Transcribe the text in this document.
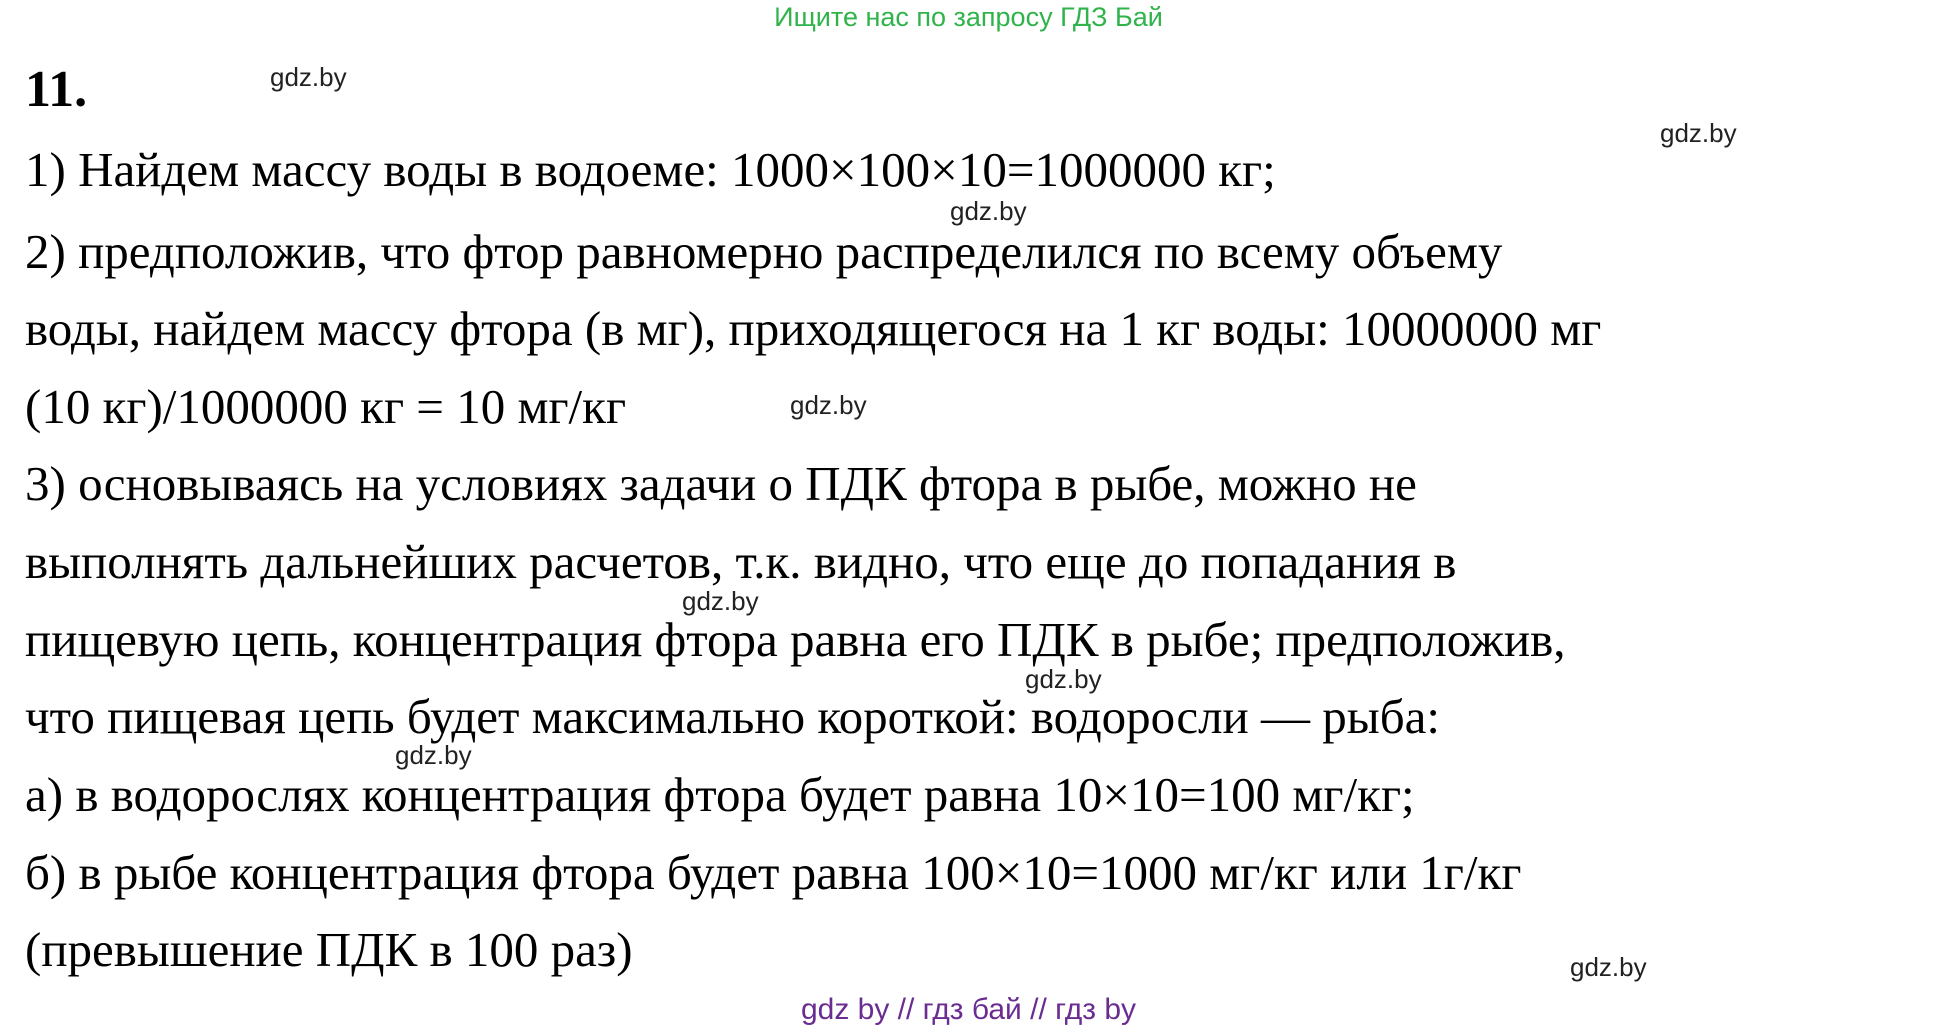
Ищите нас по запросу ГДЗ Бай
11.
1) Найдем массу воды в водоеме: 1000×100×10=1000000 кг;
2) предположив, что фтор равномерно распределился по всему объему
воды, найдем массу фтора (в мг), приходящегося на 1 кг воды: 10000000 мг
(10 кг)/1000000 кг = 10 мг/кг
3) основываясь на условиях задачи о ПДК фтора в рыбе, можно не
выполнять дальнейших расчетов, т.к. видно, что еще до попадания в
пищевую цепь, концентрация фтора равна его ПДК в рыбе; предположив,
что пищевая цепь будет максимально короткой: водоросли — рыба:
а) в водорослях концентрация фтора будет равна 10×10=100 мг/кг;
б) в рыбе концентрация фтора будет равна 100×10=1000 мг/кг или 1г/кг
(превышение ПДК в 100 раз)
gdz.by
gdz.by
gdz.by
gdz.by
gdz.by
gdz.by
gdz.by
gdz.by
gdz by // гдз бай // гдз by
